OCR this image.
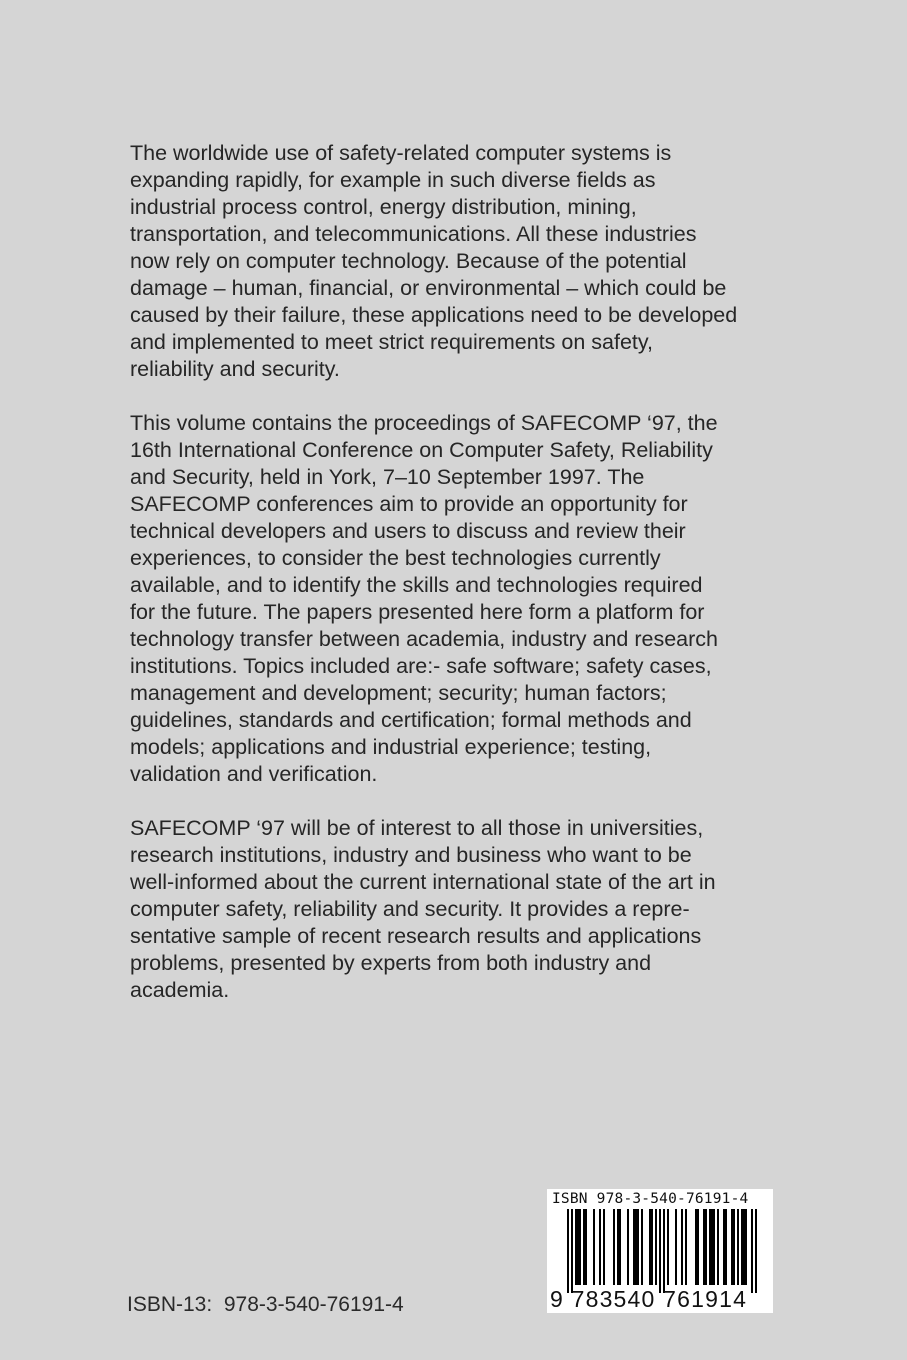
The worldwide use of safety-related computer systems is
expanding rapidly, for example in such diverse fields as
industrial process control, energy distribution, mining,
transportation, and telecommunications. All these industries
now rely on computer technology. Because of the potential
damage – human, financial, or environmental – which could be
caused by their failure, these applications need to be developed
and implemented to meet strict requirements on safety,
reliability and security.

This volume contains the proceedings of SAFECOMP ‘97, the
16th International Conference on Computer Safety, Reliability
and Security, held in York, 7–10 September 1997. The
SAFECOMP conferences aim to provide an opportunity for
technical developers and users to discuss and review their
experiences, to consider the best technologies currently
available, and to identify the skills and technologies required
for the future. The papers presented here form a platform for
technology transfer between academia, industry and research
institutions. Topics included are:- safe software; safety cases,
management and development; security; human factors;
guidelines, standards and certification; formal methods and
models; applications and industrial experience; testing,
validation and verification.

SAFECOMP ‘97 will be of interest to all those in universities,
research institutions, industry and business who want to be
well-informed about the current international state of the art in
computer safety, reliability and security. It provides a repre-
sentative sample of recent research results and applications
problems, presented by experts from both industry and
academia.

ISBN-13:  978-3-540-76191-4
ISBN 978-3-540-76191-4
9 783540 761914
